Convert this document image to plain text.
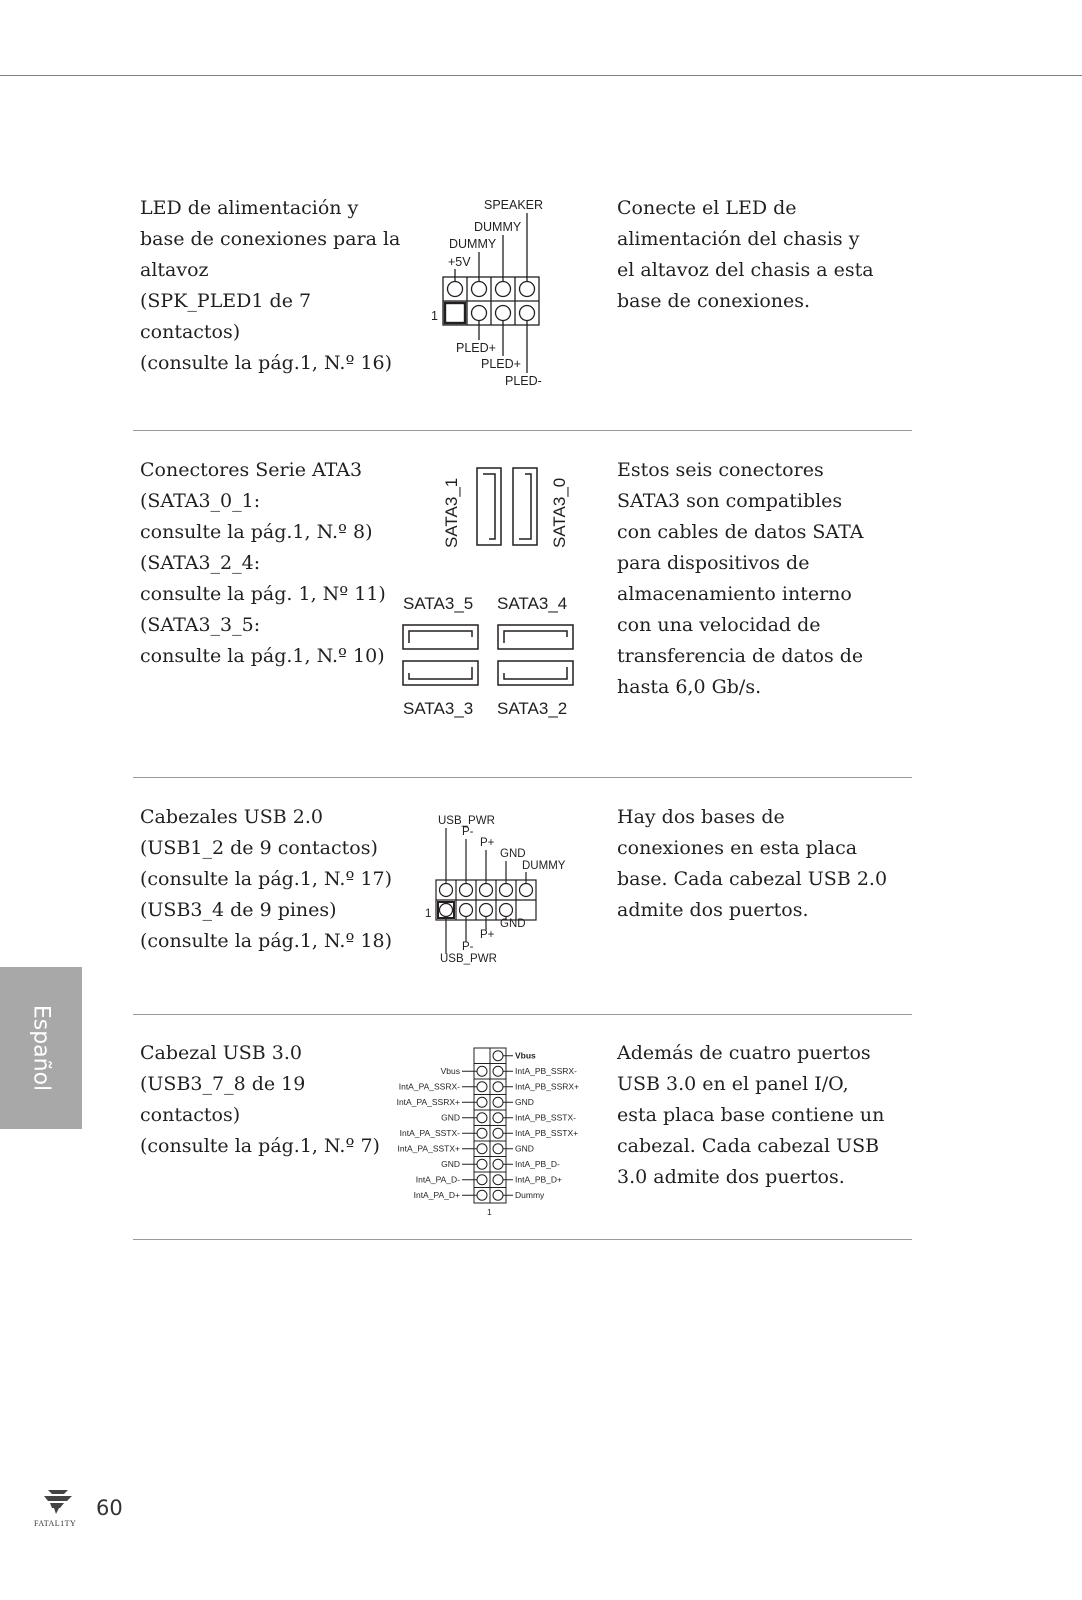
LED de alimentación y
base de conexiones para la
altavoz
(SPK_PLED1 de 7
contactos)
(consulte la pág.1, N.º 16)
Conecte el LED de
alimentación del chasis y
el altavoz del chasis a esta
base de conexiones.
SPEAKER
DUMMY
DUMMY
+5V
1
PLED+
PLED+
PLED-
Conectores Serie ATA3
(SATA3_0_1:
consulte la pág.1, N.º 8)
(SATA3_2_4:
consulte la pág. 1, Nº 11)
(SATA3_3_5:
consulte la pág.1, N.º 10)
Estos seis conectores
SATA3 son compatibles
con cables de datos SATA
para dispositivos de
almacenamiento interno
con una velocidad de
transferencia de datos de
hasta 6,0 Gb/s.
SATA3_1	SATA3_0
SATA3_5 SATA3_4
SATA3_3 SATA3_2
Cabezales USB 2.0
(USB1_2 de 9 contactos)
(consulte la pág.1, N.º 17)
(USB3_4 de 9 pines)
(consulte la pág.1, N.º 18)
Hay dos bases de
conexiones en esta placa
base. Cada cabezal USB 2.0
admite dos puertos.
USB_PWR
P-
P+
GND
DUMMY
1
GND
P+
P-
USB_PWR
Cabezal USB 3.0
(USB3_7_8 de 19
contactos)
(consulte la pág.1, N.º 7)
Además de cuatro puertos
USB 3.0 en el panel I/O,
esta placa base contiene un
cabezal. Cada cabezal USB
3.0 admite dos puertos.
Vbus
IntA_PA_SSRX-
IntA_PA_SSRX+
GND
IntA_PA_SSTX-
IntA_PA_SSTX+
GND
IntA_PA_D-
IntA_PA_D+
Vbus
IntA_PB_SSRX-
IntA_PB_SSRX+
GND
IntA_PB_SSTX-
IntA_PB_SSTX+
GND
IntA_PB_D-
IntA_PB_D+
Dummy
1
Español
FATAL1TY
60
